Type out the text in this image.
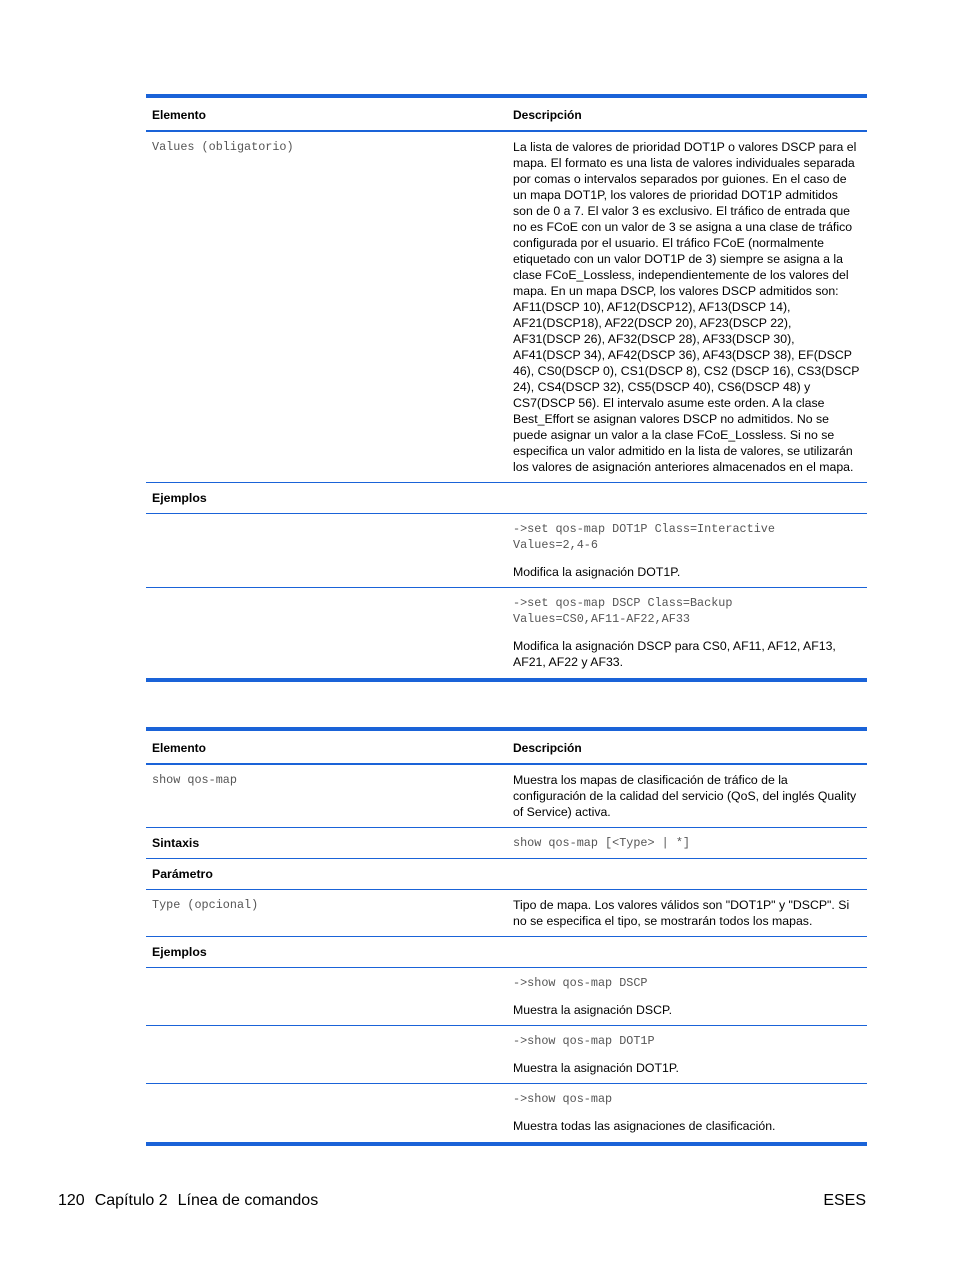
Elemento	Descripción
Values (obligatorio)	La lista de valores de prioridad DOT1P o valores DSCP para el mapa. El formato es una lista de valores individuales separada por comas o intervalos separados por guiones. En el caso de un mapa DOT1P, los valores de prioridad DOT1P admitidos son de 0 a 7. El valor 3 es exclusivo. El tráfico de entrada que no es FCoE con un valor de 3 se asigna a una clase de tráfico configurada por el usuario. El tráfico FCoE (normalmente etiquetado con un valor DOT1P de 3) siempre se asigna a la clase FCoE_Lossless, independientemente de los valores del mapa. En un mapa DSCP, los valores DSCP admitidos son: AF11(DSCP 10), AF12(DSCP12), AF13(DSCP 14), AF21(DSCP18), AF22(DSCP 20), AF23(DSCP 22), AF31(DSCP 26), AF32(DSCP 28), AF33(DSCP 30), AF41(DSCP 34), AF42(DSCP 36), AF43(DSCP 38), EF(DSCP 46), CS0(DSCP 0), CS1(DSCP 8), CS2 (DSCP 16), CS3(DSCP 24), CS4(DSCP 32), CS5(DSCP 40), CS6(DSCP 48) y CS7(DSCP 56). El intervalo asume este orden. A la clase Best_Effort se asignan valores DSCP no admitidos. No se puede asignar un valor a la clase FCoE_Lossless. Si no se especifica un valor admitido en la lista de valores, se utilizarán los valores de asignación anteriores almacenados en el mapa.
Ejemplos	

	->set qos-map DOT1P Class=Interactive
Values=2,4-6
Modifica la asignación DOT1P.

	->set qos-map DSCP Class=Backup
Values=CS0,AF11-AF22,AF33
Modifica la asignación DSCP para CS0, AF11, AF12, AF13, AF21, AF22 y AF33.
Elemento	Descripción
show qos-map	Muestra los mapas de clasificación de tráfico de la configuración de la calidad del servicio (QoS, del inglés Quality of Service) activa.
Sintaxis	show qos-map [<Type> | *]
Parámetro	
Type (opcional)	Tipo de mapa. Los valores válidos son "DOT1P" y "DSCP". Si no se especifica el tipo, se mostrarán todos los mapas.
Ejemplos	

	->show qos-map DSCP
Muestra la asignación DSCP.

	->show qos-map DOT1P
Muestra la asignación DOT1P.

	->show qos-map
Muestra todas las asignaciones de clasificación.
120 Capítulo 2 Línea de comandos	ESES
